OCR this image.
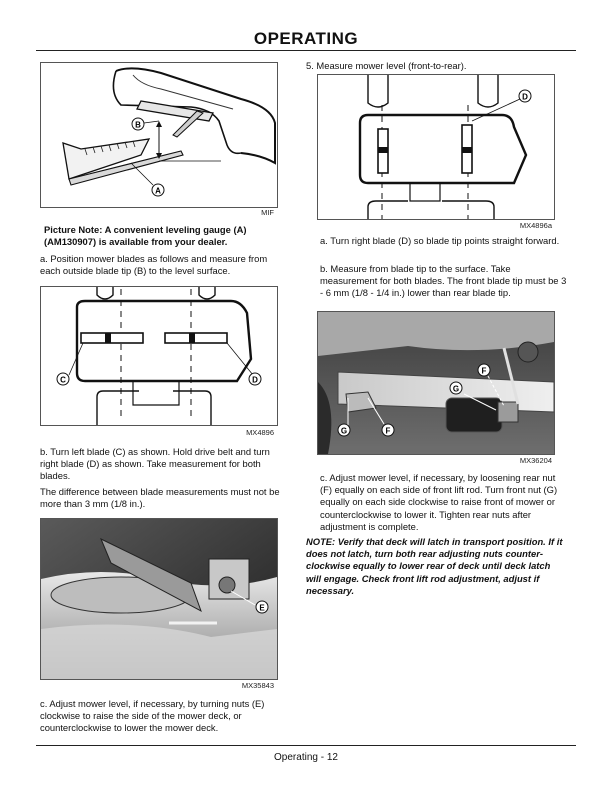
OPERATING
B
A
MIF
Picture Note: A convenient leveling gauge (A) (AM130907) is available from your dealer.
a. Position mower blades as follows and measure from each outside blade tip (B) to the level surface.
C	D
MX4896
b. Turn left blade (C) as shown. Hold drive belt and turn right blade (D) as shown. Take measurement for both blades.
The difference between blade measurements must not be more than 3 mm (1/8 in.).
E
MX35843
c. Adjust mower level, if necessary, by turning nuts (E) clockwise to raise the side of the mower deck, or counterclockwise to lower the mower deck.
5. Measure mower level (front-to-rear).
D
MX4896a
a. Turn right blade (D) so blade tip points straight forward.
b. Measure from blade tip to the surface. Take measurement for both blades. The front blade tip must be 3 - 6 mm (1/8 - 1/4 in.) lower than rear blade tip.
F
G
G	F
MX36204
c. Adjust mower level, if necessary, by loosening rear nut (F) equally on each side of front lift rod. Turn front nut (G) equally on each side clockwise to raise front of mower or counterclockwise to lower it. Tighten rear nuts after adjustment is complete.
NOTE: Verify that deck will latch in transport position. If it does not latch, turn both rear adjusting nuts counter-clockwise equally to lower rear of deck until deck latch will engage. Check front lift rod adjustment, adjust if necessary.
Operating - 12
